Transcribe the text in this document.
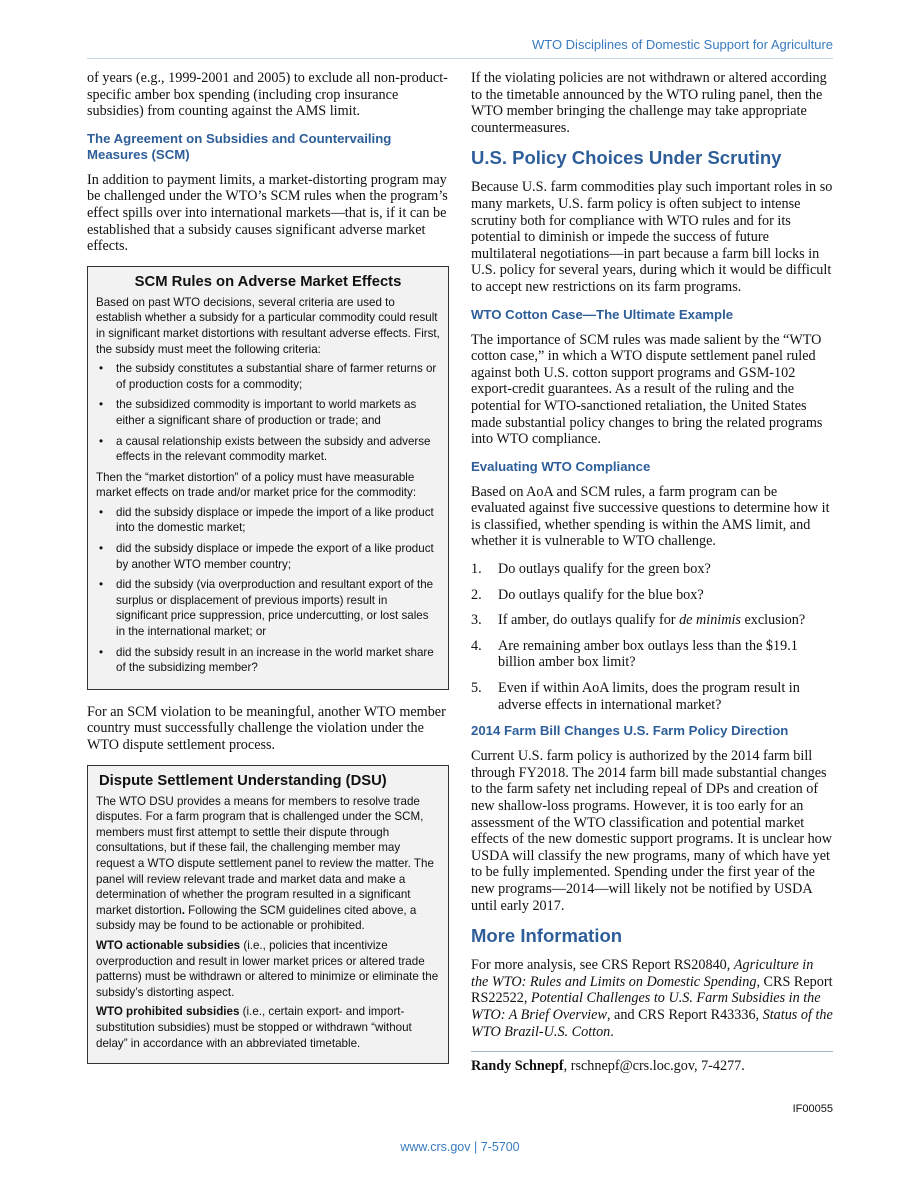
WTO Disciplines of Domestic Support for Agriculture

of years (e.g., 1999-2001 and 2005) to exclude all non-product-specific amber box spending (including crop insurance subsidies) from counting against the AMS limit.

The Agreement on Subsidies and Countervailing Measures (SCM)

In addition to payment limits, a market-distorting program may be challenged under the WTO’s SCM rules when the program’s effect spills over into international markets—that is, if it can be established that a subsidy causes significant adverse market effects.

SCM Rules on Adverse Market Effects

Based on past WTO decisions, several criteria are used to establish whether a subsidy for a particular commodity could result in significant market distortions with resultant adverse effects. First, the subsidy must meet the following criteria:

• the subsidy constitutes a substantial share of farmer returns or of production costs for a commodity;
• the subsidized commodity is important to world markets as either a significant share of production or trade; and
• a causal relationship exists between the subsidy and adverse effects in the relevant commodity market.

Then the “market distortion” of a policy must have measurable market effects on trade and/or market price for the commodity:

• did the subsidy displace or impede the import of a like product into the domestic market;
• did the subsidy displace or impede the export of a like product by another WTO member country;
• did the subsidy (via overproduction and resultant export of the surplus or displacement of previous imports) result in significant price suppression, price undercutting, or lost sales in the international market; or
• did the subsidy result in an increase in the world market share of the subsidizing member?

For an SCM violation to be meaningful, another WTO member country must successfully challenge the violation under the WTO dispute settlement process.

Dispute Settlement Understanding (DSU)

The WTO DSU provides a means for members to resolve trade disputes. For a farm program that is challenged under the SCM, members must first attempt to settle their dispute through consultations, but if these fail, the challenging member may request a WTO dispute settlement panel to review the matter. The panel will review relevant trade and market data and make a determination of whether the program resulted in a significant market distortion. Following the SCM guidelines cited above, a subsidy may be found to be actionable or prohibited.

WTO actionable subsidies (i.e., policies that incentivize overproduction and result in lower market prices or altered trade patterns) must be withdrawn or altered to minimize or eliminate the subsidy’s distorting aspect.

WTO prohibited subsidies (i.e., certain export- and import-substitution subsidies) must be stopped or withdrawn “without delay” in accordance with an abbreviated timetable.

If the violating policies are not withdrawn or altered according to the timetable announced by the WTO ruling panel, then the WTO member bringing the challenge may take appropriate countermeasures.

U.S. Policy Choices Under Scrutiny

Because U.S. farm commodities play such important roles in so many markets, U.S. farm policy is often subject to intense scrutiny both for compliance with WTO rules and for its potential to diminish or impede the success of future multilateral negotiations—in part because a farm bill locks in U.S. policy for several years, during which it would be difficult to accept new restrictions on its farm programs.

WTO Cotton Case—The Ultimate Example

The importance of SCM rules was made salient by the “WTO cotton case,” in which a WTO dispute settlement panel ruled against both U.S. cotton support programs and GSM-102 export-credit guarantees. As a result of the ruling and the potential for WTO-sanctioned retaliation, the United States made substantial policy changes to bring the related programs into WTO compliance.

Evaluating WTO Compliance

Based on AoA and SCM rules, a farm program can be evaluated against five successive questions to determine how it is classified, whether spending is within the AMS limit, and whether it is vulnerable to WTO challenge.

1. Do outlays qualify for the green box?
2. Do outlays qualify for the blue box?
3. If amber, do outlays qualify for de minimis exclusion?
4. Are remaining amber box outlays less than the $19.1 billion amber box limit?
5. Even if within AoA limits, does the program result in adverse effects in international market?
2014 Farm Bill Changes U.S. Farm Policy Direction

Current U.S. farm policy is authorized by the 2014 farm bill through FY2018. The 2014 farm bill made substantial changes to the farm safety net including repeal of DPs and creation of new shallow-loss programs. However, it is too early for an assessment of the WTO classification and potential market effects of the new domestic support programs. It is unclear how USDA will classify the new programs, many of which have yet to be fully implemented. Spending under the first year of the new programs—2014—will likely not be notified by USDA until early 2017.

More Information

For more analysis, see CRS Report RS20840, Agriculture in the WTO: Rules and Limits on Domestic Spending, CRS Report RS22522, Potential Challenges to U.S. Farm Subsidies in the WTO: A Brief Overview, and CRS Report R43336, Status of the WTO Brazil-U.S. Cotton.

Randy Schnepf, rschnepf@crs.loc.gov, 7-4277.
IF00055
www.crs.gov | 7-5700
